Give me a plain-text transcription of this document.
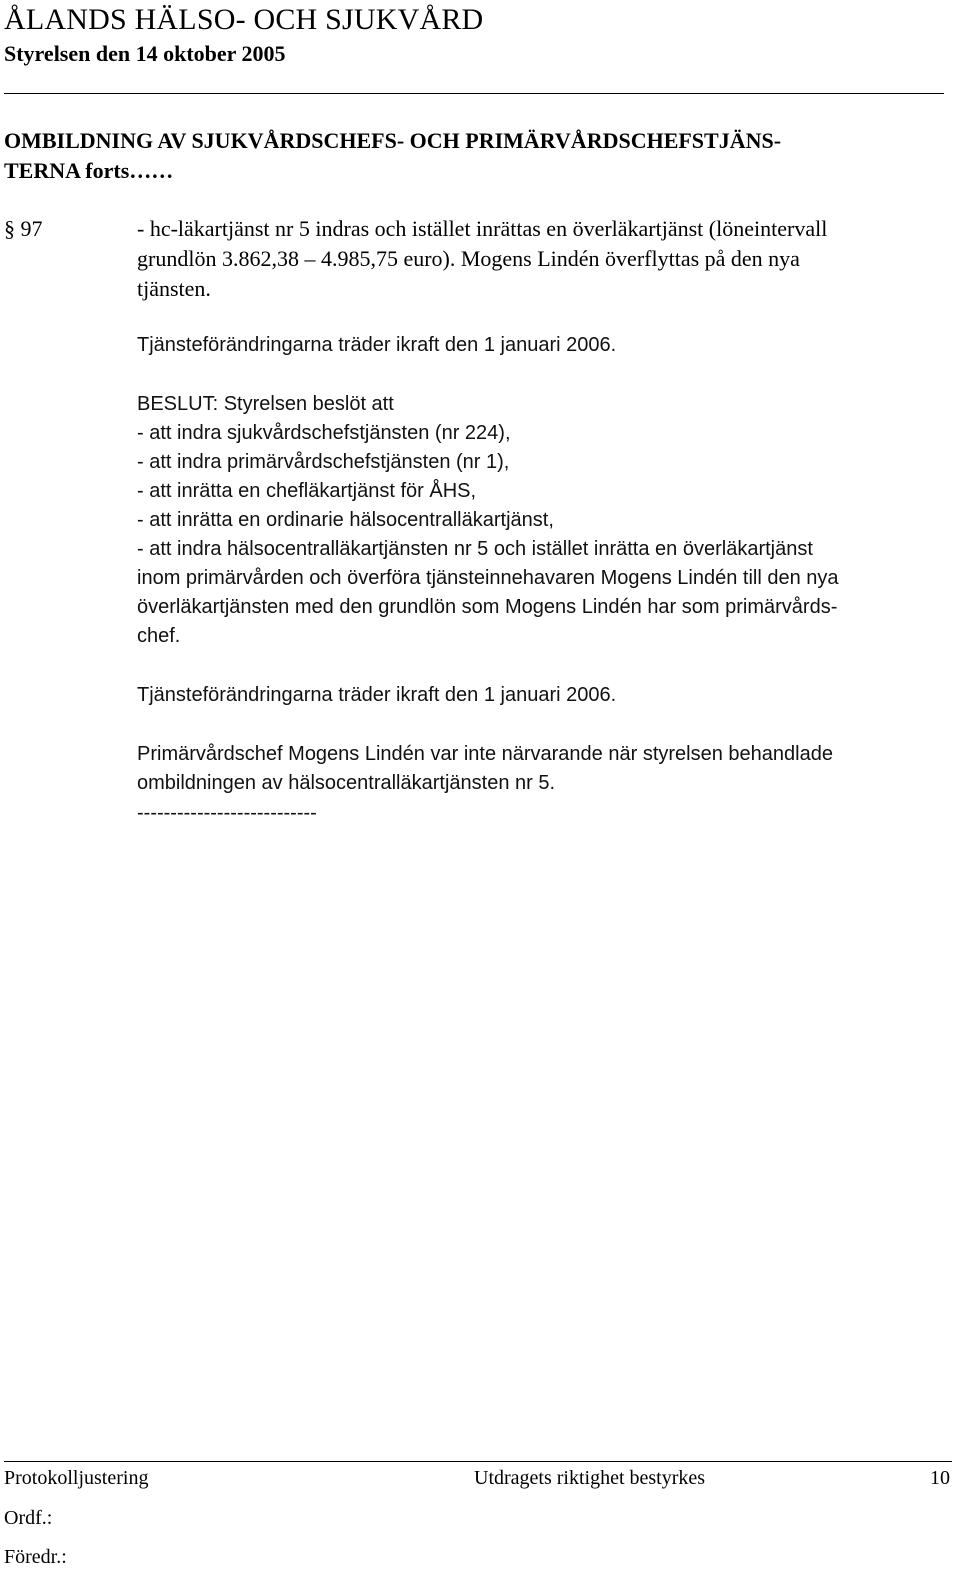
ÅLANDS HÄLSO- OCH SJUKVÅRD
Styrelsen den 14 oktober 2005
OMBILDNING AV SJUKVÅRDSCHEFS- OCH PRIMÄRVÅRDSCHEFSTJÄNS-
TERNA forts……
§ 97	- hc-läkartjänst nr 5 indras och istället inrättas en överläkartjänst (löneintervall
grundlön 3.862,38 – 4.985,75 euro). Mogens Lindén överflyttas på den nya
tjänsten.
Tjänsteförändringarna träder ikraft den 1 januari 2006.
BESLUT: Styrelsen beslöt att
- att indra sjukvårdschefstjänsten (nr 224),
- att indra primärvårdschefstjänsten (nr 1),
- att inrätta en chefläkartjänst för ÅHS,
- att inrätta en ordinarie hälsocentralläkartjänst,
- att indra hälsocentralläkartjänsten nr 5 och istället inrätta en överläkartjänst
inom primärvården och överföra tjänsteinnehavaren Mogens Lindén till den nya
överläkartjänsten med den grundlön som Mogens Lindén har som primärvårds-
chef.
Tjänsteförändringarna träder ikraft den 1 januari 2006.
Primärvårdschef Mogens Lindén var inte närvarande när styrelsen behandlade
ombildningen av hälsocentralläkartjänsten nr 5.
---------------------------
Protokolljustering	Utdragets riktighet bestyrkes	10
Ordf.:
Föredr.:
